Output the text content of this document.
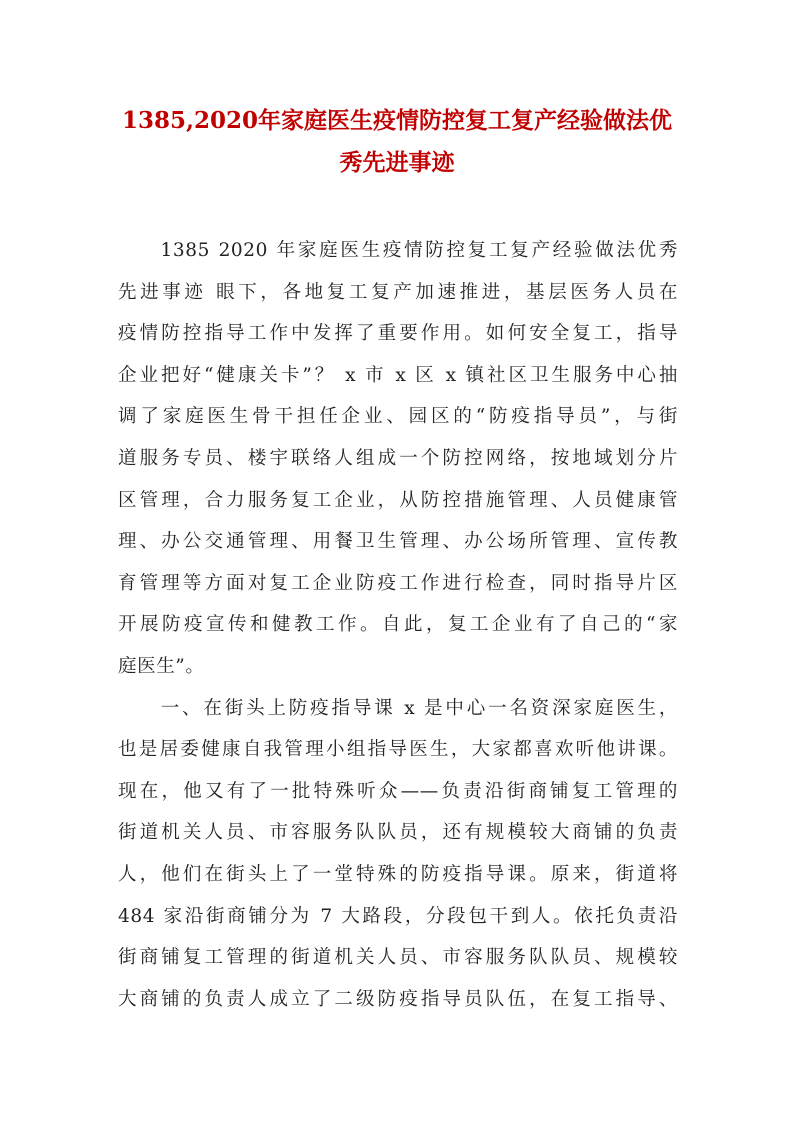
1385,2020年家庭医生疫情防控复工复产经验做法优
秀先进事迹
　　1385 2020 年家庭医生疫情防控复工复产经验做法优秀
先进事迹 眼下，各地复工复产加速推进，基层医务人员在
疫情防控指导工作中发挥了重要作用。如何安全复工，指导
企业把好“健康关卡”？ x 市 x 区 x 镇社区卫生服务中心抽
调了家庭医生骨干担任企业、园区的“防疫指导员”，与街
道服务专员、楼宇联络人组成一个防控网络，按地域划分片
区管理，合力服务复工企业，从防控措施管理、人员健康管
理、办公交通管理、用餐卫生管理、办公场所管理、宣传教
育管理等方面对复工企业防疫工作进行检查，同时指导片区
开展防疫宣传和健教工作。自此，复工企业有了自己的“家
庭医生”。
　　一、在街头上防疫指导课 x 是中心一名资深家庭医生，
也是居委健康自我管理小组指导医生，大家都喜欢听他讲课。
现在，他又有了一批特殊听众——负责沿街商铺复工管理的
街道机关人员、市容服务队队员，还有规模较大商铺的负责
人，他们在街头上了一堂特殊的防疫指导课。原来，街道将
484 家沿街商铺分为 7 大路段，分段包干到人。依托负责沿
街商铺复工管理的街道机关人员、市容服务队队员、规模较
大商铺的负责人成立了二级防疫指导员队伍，在复工指导、
